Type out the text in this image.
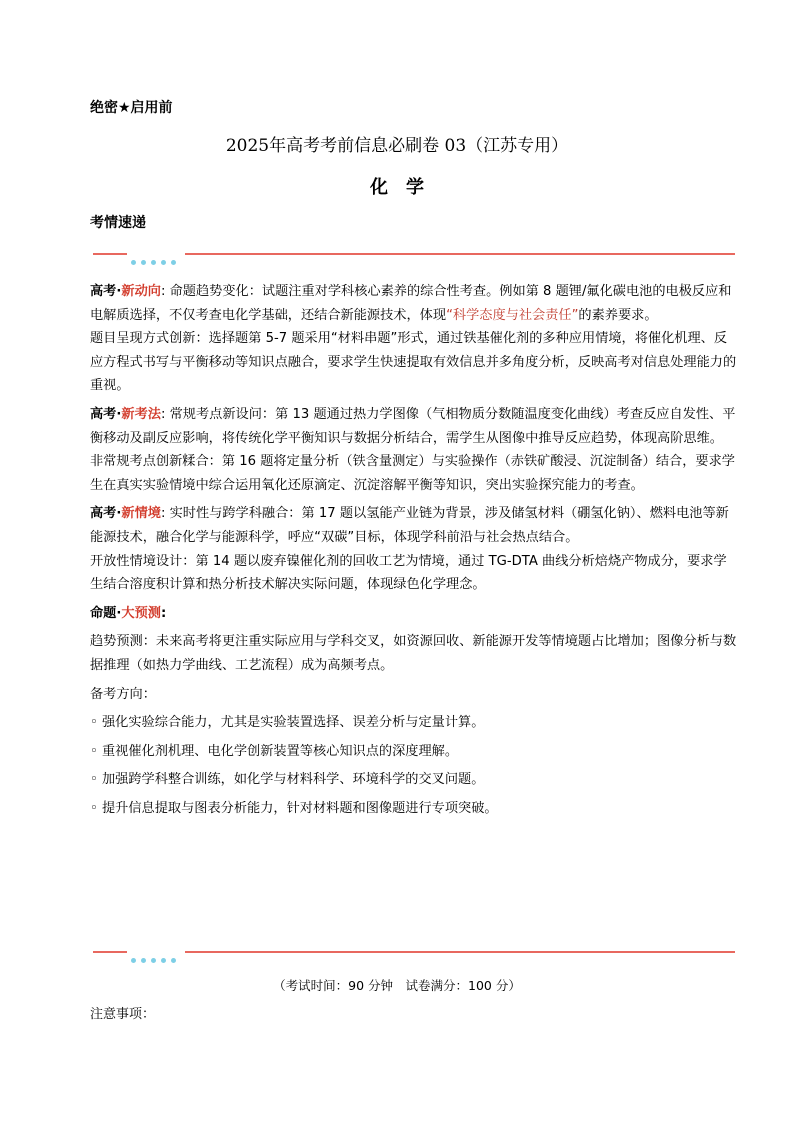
绝密★启用前
2025年高考考前信息必刷卷 03（江苏专用）
化学
考情速递

高考·新动向: 命题趋势变化：试题注重对学科核心素养的综合性考查。例如第 8 题锂/氟化碳电池的电极反应和电解质选择，不仅考查电化学基础，还结合新能源技术，体现“科学态度与社会责任”的素养要求。

题目呈现方式创新：选择题第 5-7 题采用“材料串题”形式，通过铁基催化剂的多种应用情境，将催化机理、反应方程式书写与平衡移动等知识点融合，要求学生快速提取有效信息并多角度分析，反映高考对信息处理能力的重视。

高考·新考法: 常规考点新设问：第 13 题通过热力学图像（气相物质分数随温度变化曲线）考查反应自发性、平衡移动及副反应影响，将传统化学平衡知识与数据分析结合，需学生从图像中推导反应趋势，体现高阶思维。

非常规考点创新糅合：第 16 题将定量分析（铁含量测定）与实验操作（赤铁矿酸浸、沉淀制备）结合，要求学生在真实实验情境中综合运用氧化还原滴定、沉淀溶解平衡等知识，突出实验探究能力的考查。

高考·新情境: 实时性与跨学科融合：第 17 题以氢能产业链为背景，涉及储氢材料（硼氢化钠）、燃料电池等新能源技术，融合化学与能源科学，呼应“双碳”目标，体现学科前沿与社会热点结合。

开放性情境设计：第 14 题以废弃镍催化剂的回收工艺为情境，通过 TG-DTA 曲线分析焙烧产物成分，要求学生结合溶度积计算和热分析技术解决实际问题，体现绿色化学理念。

命题·大预测:

趋势预测：未来高考将更注重实际应用与学科交叉，如资源回收、新能源开发等情境题占比增加；图像分析与数据推理（如热力学曲线、工艺流程）成为高频考点。

备考方向：

◦ 强化实验综合能力，尤其是实验装置选择、误差分析与定量计算。

◦ 重视催化剂机理、电化学创新装置等核心知识点的深度理解。

◦ 加强跨学科整合训练，如化学与材料科学、环境科学的交叉问题。

◦ 提升信息提取与图表分析能力，针对材料题和图像题进行专项突破。

（考试时间：90 分钟　试卷满分：100 分）
注意事项：
